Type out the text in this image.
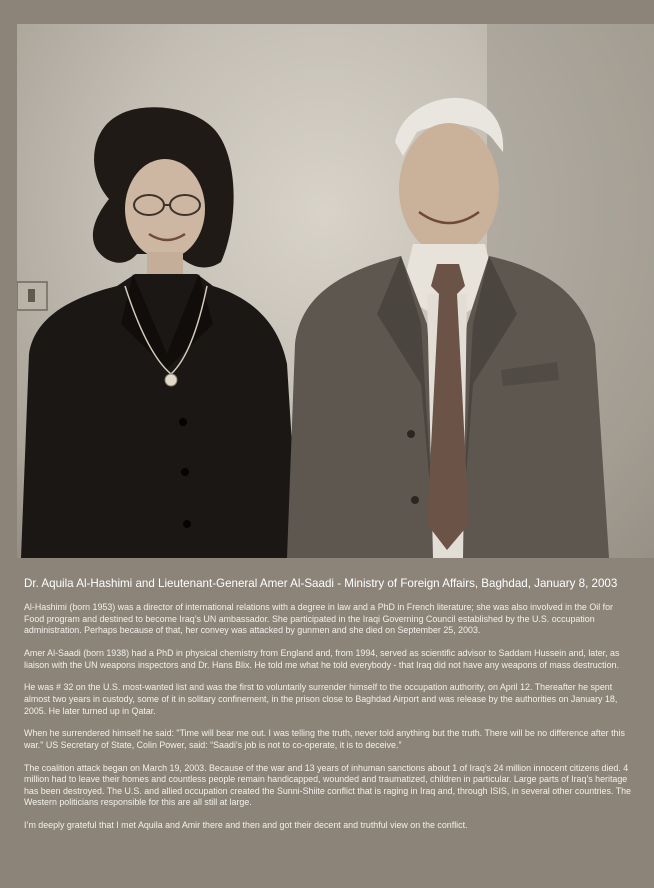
Dr. Aquila Al-Hashimi and Lieutenant-General Amer Al-Saadi - Ministry of Foreign Affairs, Baghdad, January 8, 2003

Al-Hashimi (born 1953) was a director of international relations with a degree in law and a PhD in French literature; she was also involved in the Oil for Food program and destined to become Iraq’s UN ambassador. She participated in the Iraqi Governing Council established by the U.S. occupation administration. Perhaps because of that, her convey was attacked by gunmen and she died on September 25, 2003.

Amer Al-Saadi (born 1938) had a PhD in physical chemistry from England and, from 1994, served as scientific advisor to Saddam Hussein and, later, as liaison with the UN weapons inspectors and Dr. Hans Blix. He told me what he told everybody - that Iraq did not have any weapons of mass destruction.

He was # 32 on the U.S. most-wanted list and was the first to voluntarily surrender himself to the occupation authority, on April 12. Thereafter he spent almost two years in custody, some of it in solitary confinement, in the prison close to Baghdad Airport and was release by the authorities on January 18, 2005. He later turned up in Qatar.

When he surrendered himself he said: "Time will bear me out. I was telling the truth, never told anything but the truth. There will be no difference after this war." US Secretary of State, Colin Power, said: “Saadi’s job is not to co-operate, it is to deceive.”

The coalition attack began on March 19, 2003. Because of the war and 13 years of inhuman sanctions about 1 of Iraq’s 24 million innocent citizens died. 4 million had to leave their homes and countless people remain handicapped, wounded and traumatized, children in particular. Large parts of Iraq’s heritage has been destroyed. The U.S. and allied occupation created the Sunni-Shiite conflict that is raging in Iraq and, through ISIS, in several other countries. The Western politicians responsible for this are all still at large.

I’m deeply grateful that I met Aquila and Amir there and then and got their decent and truthful view on the conflict.
